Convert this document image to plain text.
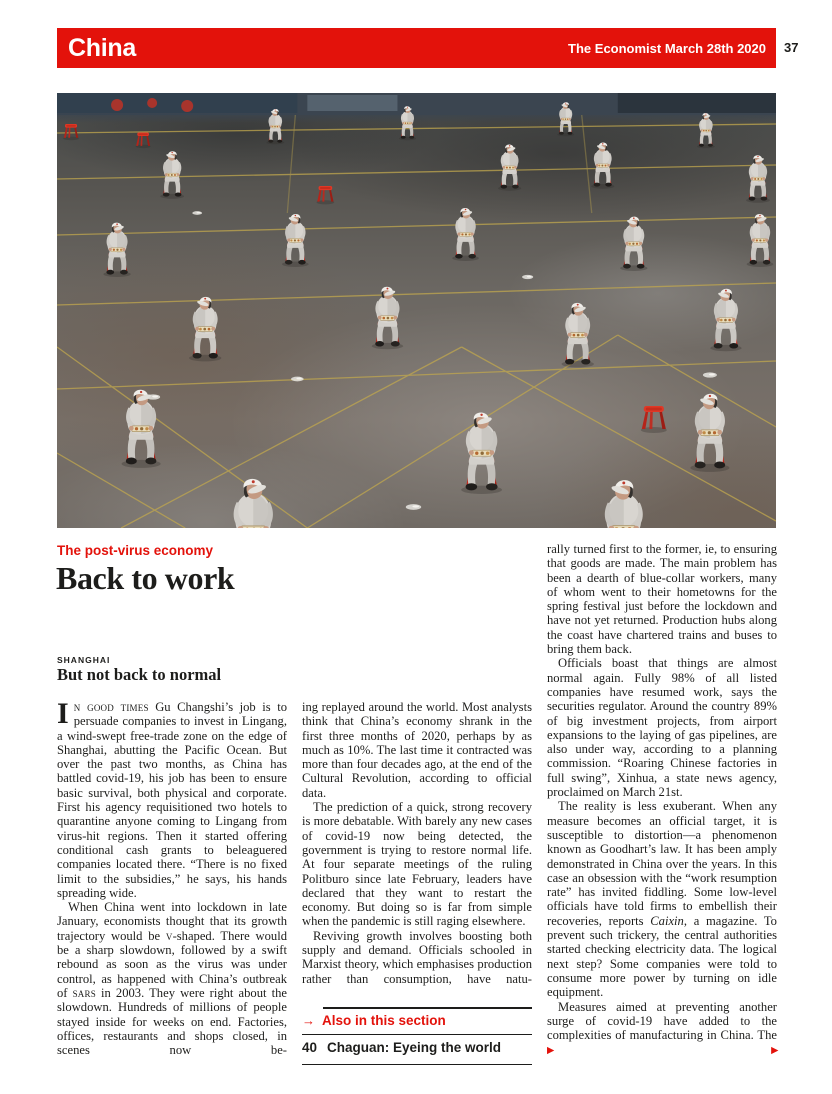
China	The Economist March 28th 2020 37
The post-virus economy
Back to work
SHANGHAI
But not back to normal

In good times Gu Changshi’s job is to persuade companies to invest in Lingang, a wind-swept free-trade zone on the edge of Shanghai, abutting the Pacific Ocean. But over the past two months, as China has battled covid-19, his job has been to ensure basic survival, both physical and corporate. First his agency requisitioned two hotels to quarantine anyone coming to Lingang from virus-hit regions. Then it started offering conditional cash grants to beleaguered companies located there. “There is no fixed limit to the subsidies,” he says, his hands spreading wide.

When China went into lockdown in late January, economists thought that its growth trajectory would be v-shaped. There would be a sharp slowdown, followed by a swift rebound as soon as the virus was under control, as happened with China’s outbreak of sars in 2003. They were right about the slowdown. Hundreds of millions of people stayed inside for weeks on end. Factories, offices, restaurants and shops closed, in scenes now be-

ing replayed around the world. Most analysts think that China’s economy shrank in the first three months of 2020, perhaps by as much as 10%. The last time it contracted was more than four decades ago, at the end of the Cultural Revolution, according to official data.

The prediction of a quick, strong recovery is more debatable. With barely any new cases of covid-19 now being detected, the government is trying to restore normal life. At four separate meetings of the ruling Politburo since late February, leaders have declared that they want to restart the economy. But doing so is far from simple when the pandemic is still raging elsewhere.

Reviving growth involves boosting both supply and demand. Officials schooled in Marxist theory, which emphasises production rather than consumption, have natu-

→ Also in this section
40 Chaguan: Eyeing the world

rally turned first to the former, ie, to ensuring that goods are made. The main problem has been a dearth of blue-collar workers, many of whom went to their hometowns for the spring festival just before the lockdown and have not yet returned. Production hubs along the coast have chartered trains and buses to bring them back.

Officials boast that things are almost normal again. Fully 98% of all listed companies have resumed work, says the securities regulator. Around the country 89% of big investment projects, from airport expansions to the laying of gas pipelines, are also under way, according to a planning commission. “Roaring Chinese factories in full swing”, Xinhua, a state news agency, proclaimed on March 21st.

The reality is less exuberant. When any measure becomes an official target, it is susceptible to distortion—a phenomenon known as Goodhart’s law. It has been amply demonstrated in China over the years. In this case an obsession with the “work resumption rate” has invited fiddling. Some low-level officials have told firms to embellish their recoveries, reports Caixin, a magazine. To prevent such trickery, the central authorities started checking electricity data. The logical next step? Some companies were told to consume more power by turning on idle equipment.

Measures aimed at preventing another surge of covid-19 have added to the complexities of manufacturing in China. The ▶▶
